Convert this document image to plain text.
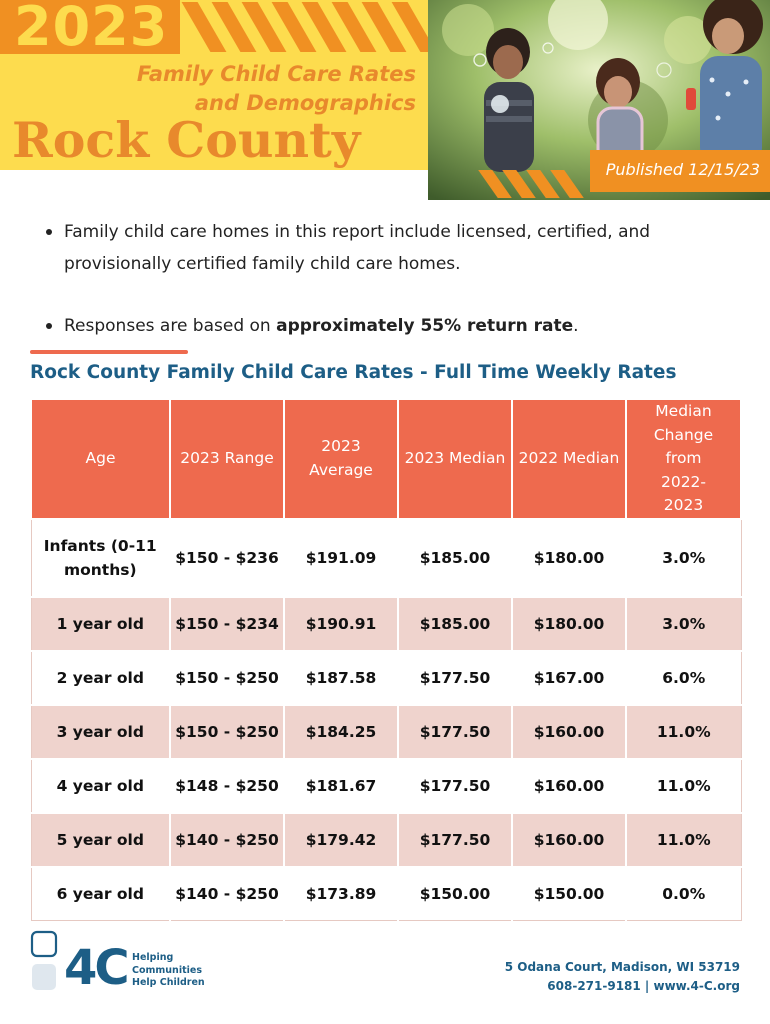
2023
Family Child Care Rates
and Demographics
Rock County
Published 12/15/23
Family child care homes in this report include licensed, certified, and provisionally certified family child care homes.
Responses are based on approximately 55% return rate.
Rock County Family Child Care Rates - Full Time Weekly Rates
Age	2023 Range	2023 Average	2023 Median	2022 Median	Median Change from 2022-2023
Infants (0-11 months)	$150 - $236	$191.09	$185.00	$180.00	3.0%
1 year old	$150 - $234	$190.91	$185.00	$180.00	3.0%
2 year old	$150 - $250	$187.58	$177.50	$167.00	6.0%
3 year old	$150 - $250	$184.25	$177.50	$160.00	11.0%
4 year old	$148 - $250	$181.67	$177.50	$160.00	11.0%
5 year old	$140 - $250	$179.42	$177.50	$160.00	11.0%
6 year old	$140 - $250	$173.89	$150.00	$150.00	0.0%
4C Helping
Communities
Help Children
5 Odana Court, Madison, WI 53719
608-271-9181 | www.4-C.org
